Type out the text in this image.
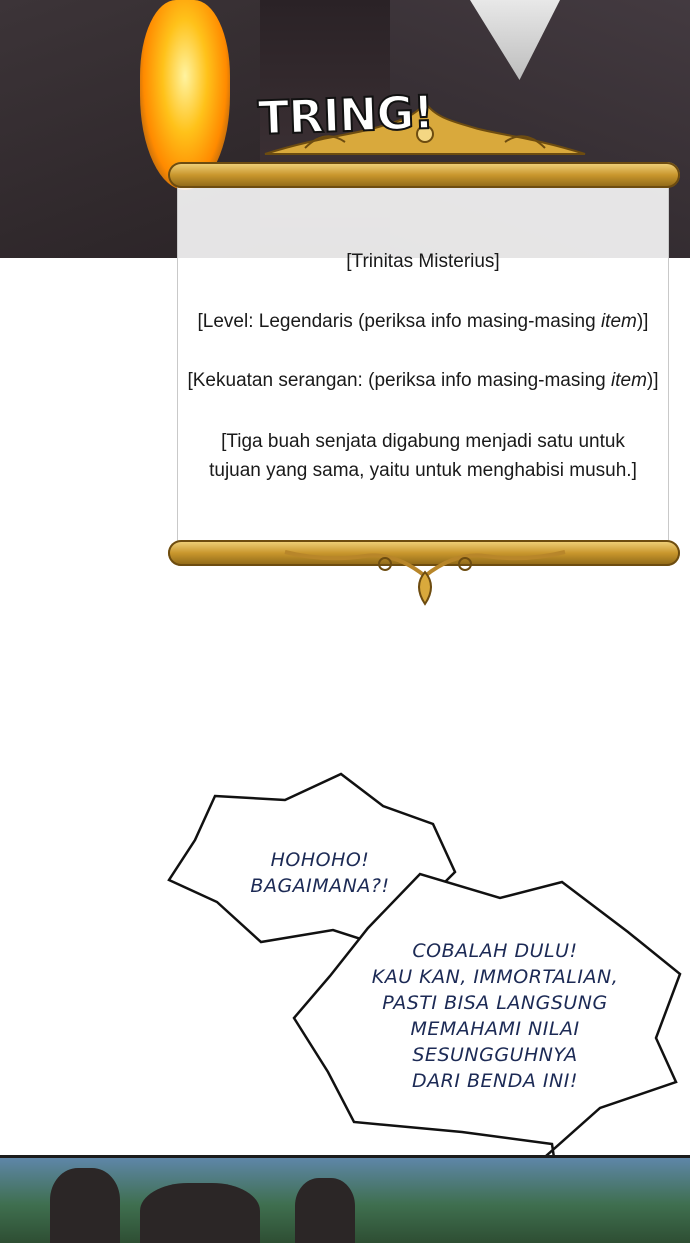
[Trinitas Misterius]
[Level: Legendaris (periksa info masing-masing item)]
[Kekuatan serangan: (periksa info masing-masing item)]
[Tiga buah senjata digabung menjadi satu untuk
tujuan yang sama, yaitu untuk menghabisi musuh.]
TRING!
HOHOHO!
BAGAIMANA?!
COBALAH DULU!
KAU KAN, IMMORTALIAN,
PASTI BISA LANGSUNG
MEMAHAMI NILAI
SESUNGGUHNYA
DARI BENDA INI!
